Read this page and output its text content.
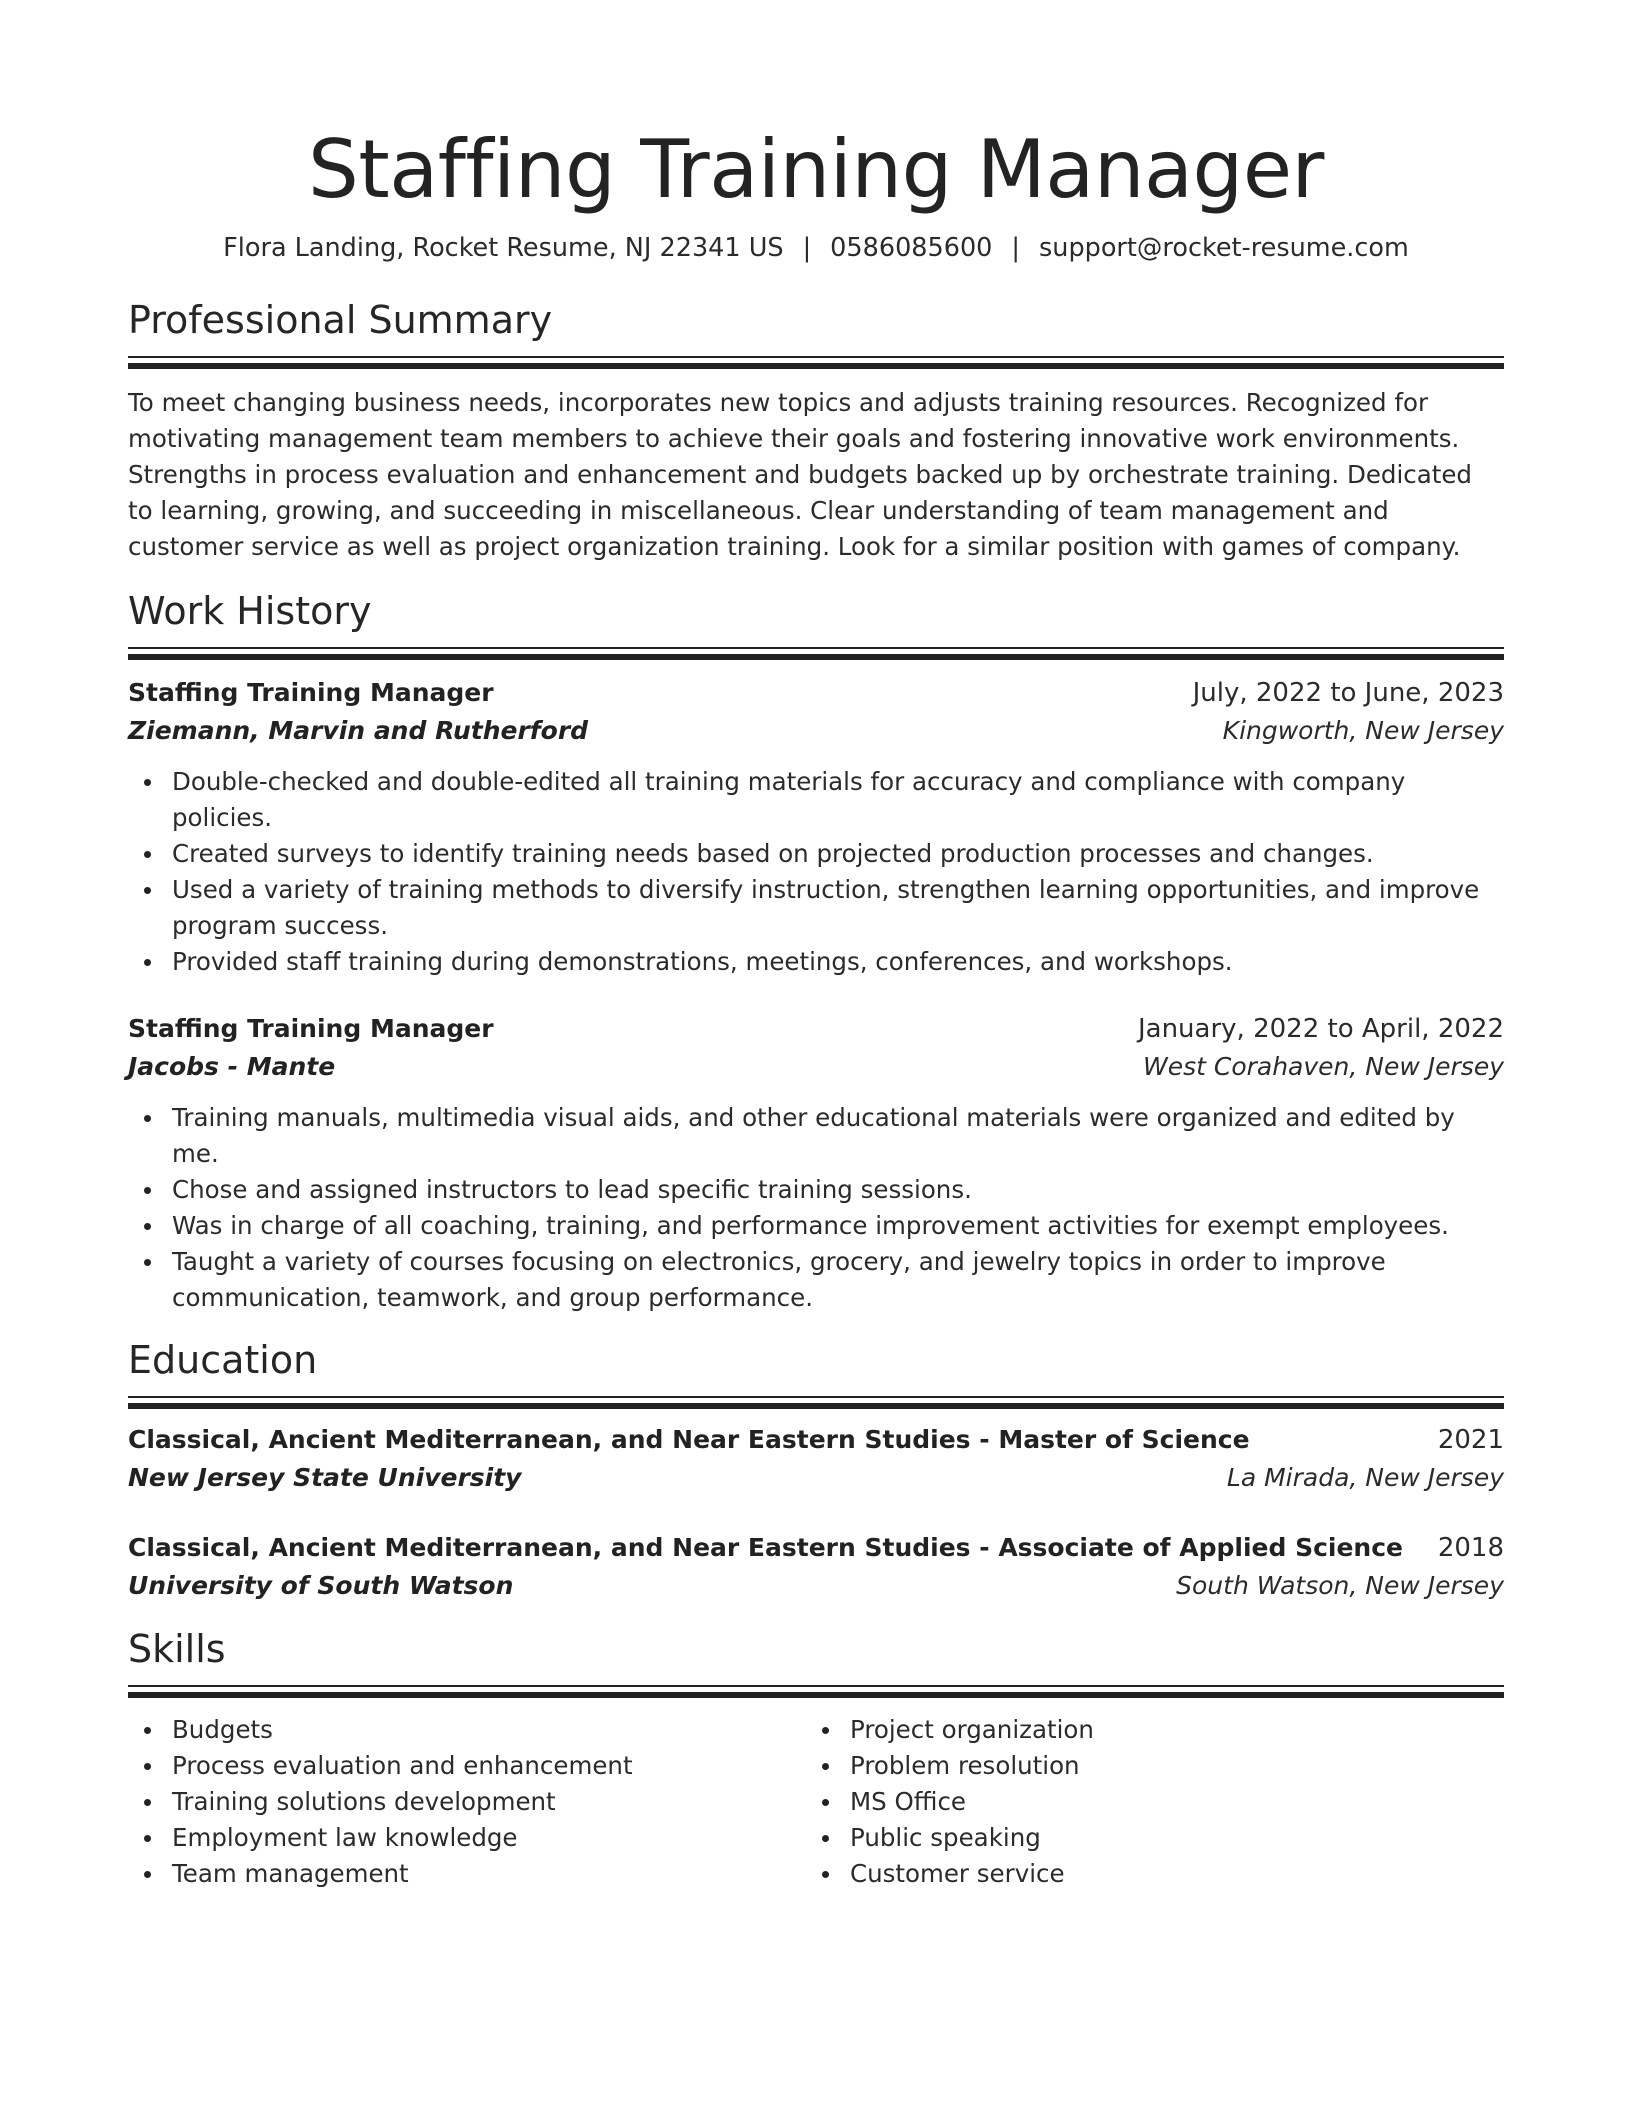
Staffing Training Manager
Flora Landing, Rocket Resume, NJ 22341 US | 0586085600 | support@rocket-resume.com
Professional Summary

To meet changing business needs, incorporates new topics and adjusts training resources. Recognized for motivating management team members to achieve their goals and fostering innovative work environments. Strengths in process evaluation and enhancement and budgets backed up by orchestrate training. Dedicated to learning, growing, and succeeding in miscellaneous. Clear understanding of team management and customer service as well as project organization training. Look for a similar position with games of company.

Work History
Staffing Training Manager	July, 2022 to June, 2023
Ziemann, Marvin and Rutherford	Kingworth, New Jersey
Double-checked and double-edited all training materials for accuracy and compliance with company policies.
Created surveys to identify training needs based on projected production processes and changes.
Used a variety of training methods to diversify instruction, strengthen learning opportunities, and improve program success.
Provided staff training during demonstrations, meetings, conferences, and workshops.
Staffing Training Manager	January, 2022 to April, 2022
Jacobs - Mante	West Corahaven, New Jersey
Training manuals, multimedia visual aids, and other educational materials were organized and edited by me.
Chose and assigned instructors to lead specific training sessions.
Was in charge of all coaching, training, and performance improvement activities for exempt employees.
Taught a variety of courses focusing on electronics, grocery, and jewelry topics in order to improve communication, teamwork, and group performance.
Education
Classical, Ancient Mediterranean, and Near Eastern Studies - Master of Science	2021
New Jersey State University	La Mirada, New Jersey
Classical, Ancient Mediterranean, and Near Eastern Studies - Associate of Applied Science 2018
University of South Watson	South Watson, New Jersey
Skills
Budgets
Process evaluation and enhancement
Training solutions development
Employment law knowledge
Team management
Project organization
Problem resolution
MS Office
Public speaking
Customer service
